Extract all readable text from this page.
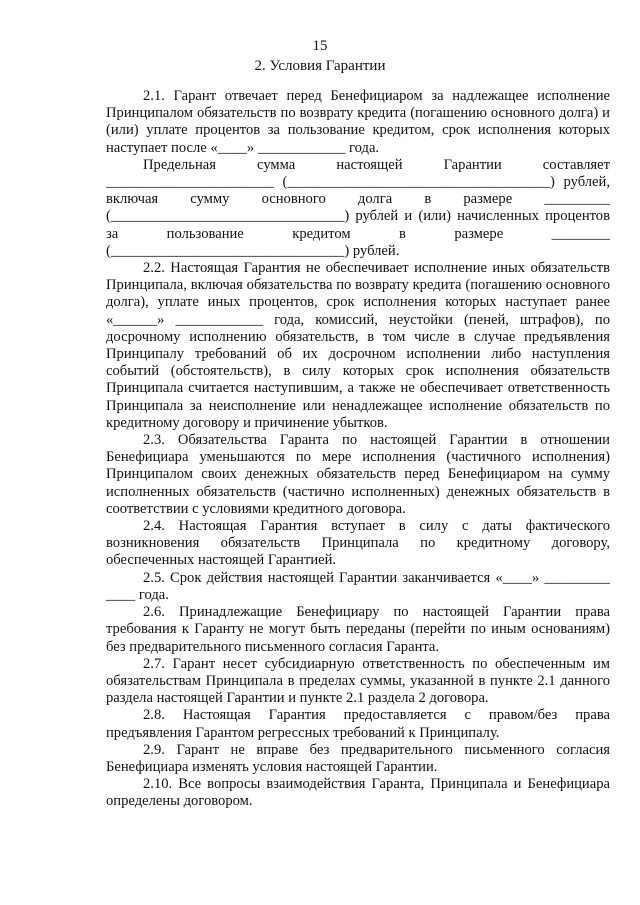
15
2. Условия Гарантии

2.1. Гарант отвечает перед Бенефициаром за надлежащее исполнение Принципалом обязательств по возврату кредита (погашению основного долга) и (или) уплате процентов за пользование кредитом, срок исполнения которых наступает после «____» ____________ года.

Предельная сумма настоящей Гарантии составляет _______________________ (____________________________________) рублей, включая сумму основного долга в размере _________ (________________________________) рублей и (или) начисленных процентов за пользование кредитом в размере ________ (________________________________) рублей.

2.2. Настоящая Гарантия не обеспечивает исполнение иных обязательств Принципала, включая обязательства по возврату кредита (погашению основного долга), уплате иных процентов, срок исполнения которых наступает ранее «______» ____________ года, комиссий, неустойки (пеней, штрафов), по досрочному исполнению обязательств, в том числе в случае предъявления Принципалу требований об их досрочном исполнении либо наступления событий (обстоятельств), в силу которых срок исполнения обязательств Принципала считается наступившим, а также не обеспечивает ответственность Принципала за неисполнение или ненадлежащее исполнение обязательств по кредитному договору и причинение убытков.

2.3. Обязательства Гаранта по настоящей Гарантии в отношении Бенефициара уменьшаются по мере исполнения (частичного исполнения) Принципалом своих денежных обязательств перед Бенефициаром на сумму исполненных обязательств (частично исполненных) денежных обязательств в соответствии с условиями кредитного договора.

2.4. Настоящая Гарантия вступает в силу с даты фактического возникновения обязательств Принципала по кредитному договору, обеспеченных настоящей Гарантией.

2.5. Срок действия настоящей Гарантии заканчивается «____» _________ ____ года.

2.6. Принадлежащие Бенефициару по настоящей Гарантии права требования к Гаранту не могут быть переданы (перейти по иным основаниям) без предварительного письменного согласия Гаранта.

2.7. Гарант несет субсидиарную ответственность по обеспеченным им обязательствам Принципала в пределах суммы, указанной в пункте 2.1 данного раздела настоящей Гарантии и пункте 2.1 раздела 2 договора.

2.8. Настоящая Гарантия предоставляется с правом/без права предъявления Гарантом регрессных требований к Принципалу.

2.9. Гарант не вправе без предварительного письменного согласия Бенефициара изменять условия настоящей Гарантии.

2.10. Все вопросы взаимодействия Гаранта, Принципала и Бенефициара определены договором.
